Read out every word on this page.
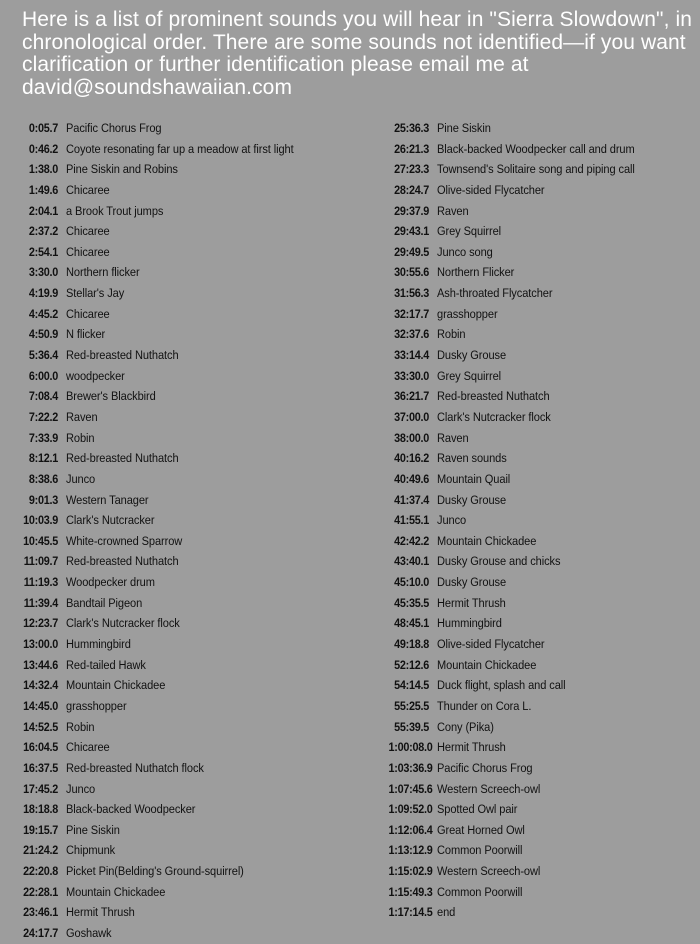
Here is a list of prominent sounds you will hear in "Sierra Slowdown", in chronological order. There are some sounds not identified—if you want clarification or further identification please email me at david@soundshawaiian.com

0:05.7 Pacific Chorus Frog
0:46.2 Coyote resonating far up a meadow at first light
1:38.0 Pine Siskin and Robins
1:49.6 Chicaree
2:04.1 a Brook Trout jumps
2:37.2 Chicaree
2:54.1 Chicaree
3:30.0 Northern flicker
4:19.9 Stellar's Jay
4:45.2 Chicaree
4:50.9 N flicker
5:36.4 Red-breasted Nuthatch
6:00.0 woodpecker
7:08.4 Brewer's Blackbird
7:22.2 Raven
7:33.9 Robin
8:12.1 Red-breasted Nuthatch
8:38.6 Junco
9:01.3 Western Tanager
10:03.9 Clark's Nutcracker
10:45.5 White-crowned Sparrow
11:09.7 Red-breasted Nuthatch
11:19.3 Woodpecker drum
11:39.4 Bandtail Pigeon
12:23.7 Clark's Nutcracker flock
13:00.0 Hummingbird
13:44.6 Red-tailed Hawk
14:32.4 Mountain Chickadee
14:45.0 grasshopper
14:52.5 Robin
16:04.5 Chicaree
16:37.5 Red-breasted Nuthatch flock
17:45.2 Junco
18:18.8 Black-backed Woodpecker
19:15.7 Pine Siskin
21:24.2 Chipmunk
22:20.8 Picket Pin(Belding's Ground-squirrel)
22:28.1 Mountain Chickadee
23:46.1 Hermit Thrush
24:17.7 Goshawk
25:36.3 Pine Siskin
26:21.3 Black-backed Woodpecker call and drum
27:23.3 Townsend's Solitaire song and piping call
28:24.7 Olive-sided Flycatcher
29:37.9 Raven
29:43.1 Grey Squirrel
29:49.5 Junco song
30:55.6 Northern Flicker
31:56.3 Ash-throated Flycatcher
32:17.7 grasshopper
32:37.6 Robin
33:14.4 Dusky Grouse
33:30.0 Grey Squirrel
36:21.7 Red-breasted Nuthatch
37:00.0 Clark's Nutcracker flock
38:00.0 Raven
40:16.2 Raven sounds
40:49.6 Mountain Quail
41:37.4 Dusky Grouse
41:55.1 Junco
42:42.2 Mountain Chickadee
43:40.1 Dusky Grouse and chicks
45:10.0 Dusky Grouse
45:35.5 Hermit Thrush
48:45.1 Hummingbird
49:18.8 Olive-sided Flycatcher
52:12.6 Mountain Chickadee
54:14.5 Duck flight, splash and call
55:25.5 Thunder on Cora L.
55:39.5 Cony (Pika)
1:00:08.0 Hermit Thrush
1:03:36.9 Pacific Chorus Frog
1:07:45.6 Western Screech-owl
1:09:52.0 Spotted Owl pair
1:12:06.4 Great Horned Owl
1:13:12.9 Common Poorwill
1:15:02.9 Western Screech-owl
1:15:49.3 Common Poorwill
1:17:14.5 end
